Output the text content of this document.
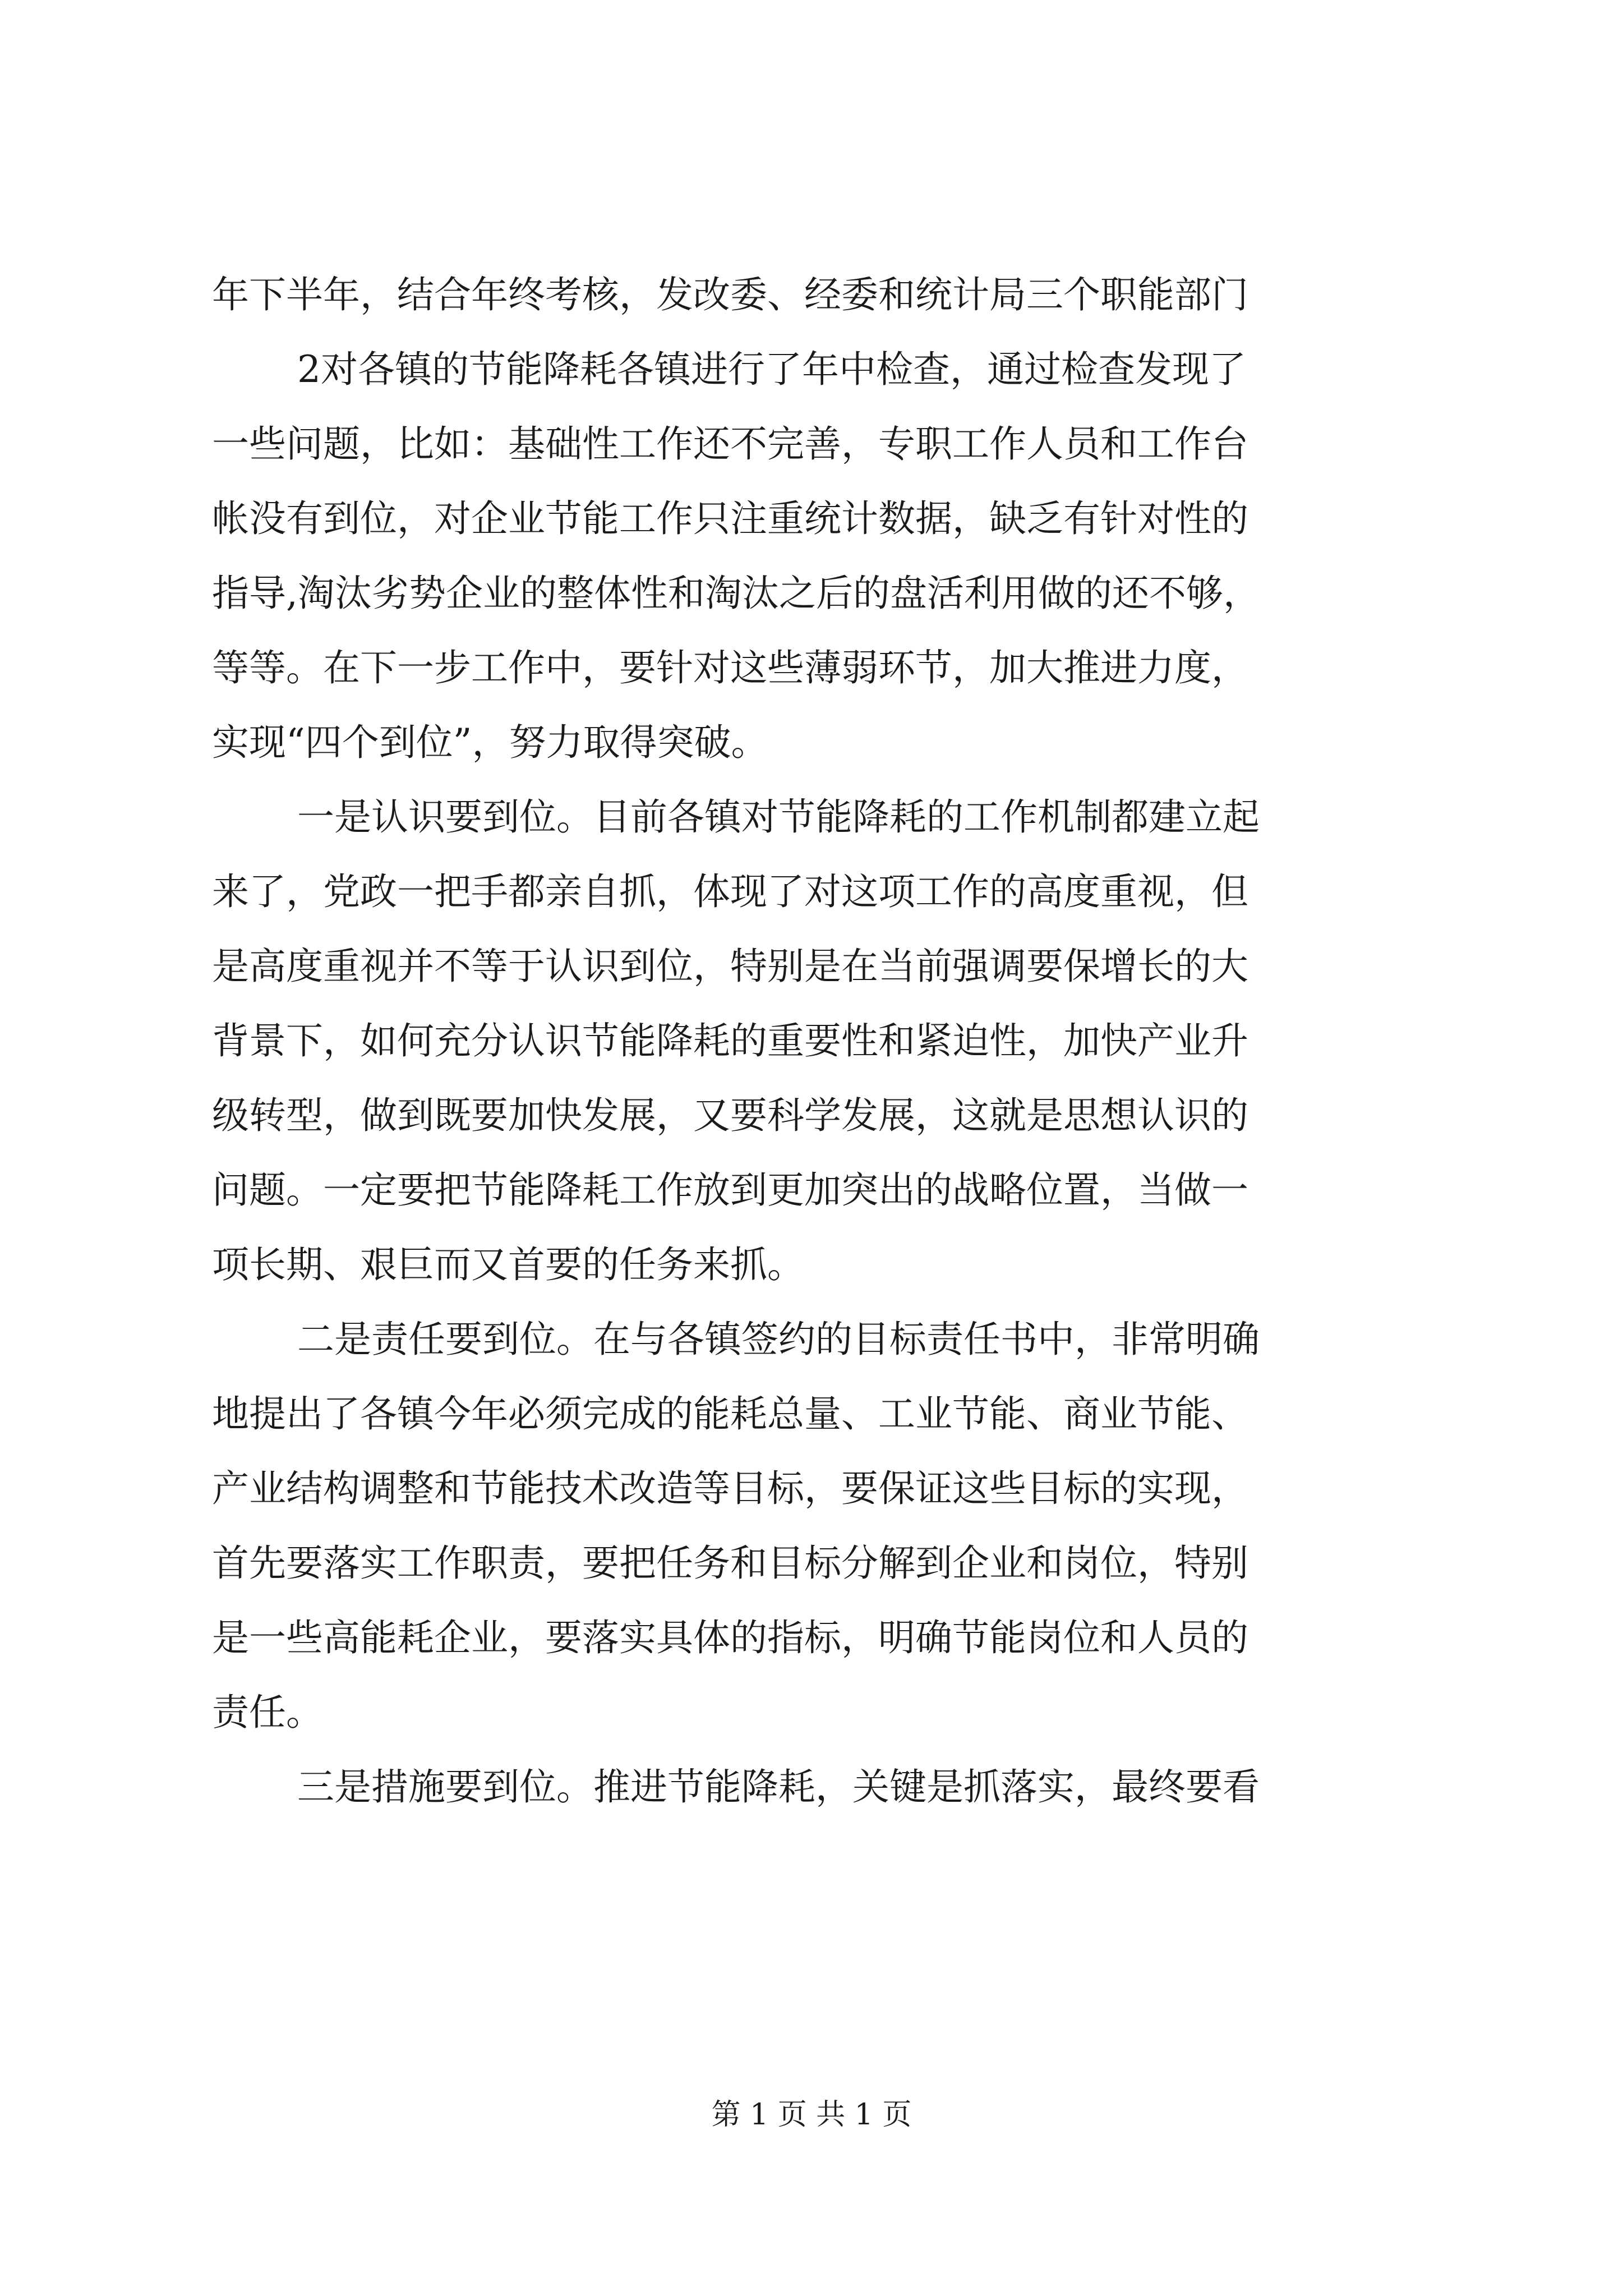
年下半年，结合年终考核，发改委、经委和统计局三个职能部门
2对各镇的节能降耗各镇进行了年中检查，通过检查发现了
一些问题，比如：基础性工作还不完善，专职工作人员和工作台
帐没有到位，对企业节能工作只注重统计数据，缺乏有针对性的
指导,淘汰劣势企业的整体性和淘汰之后的盘活利用做的还不够，
等等。在下一步工作中，要针对这些薄弱环节，加大推进力度，
实现“四个到位”，努力取得突破。
一是认识要到位。目前各镇对节能降耗的工作机制都建立起
来了，党政一把手都亲自抓，体现了对这项工作的高度重视，但
是高度重视并不等于认识到位，特别是在当前强调要保增长的大
背景下，如何充分认识节能降耗的重要性和紧迫性，加快产业升
级转型，做到既要加快发展，又要科学发展，这就是思想认识的
问题。一定要把节能降耗工作放到更加突出的战略位置，当做一
项长期、艰巨而又首要的任务来抓。
二是责任要到位。在与各镇签约的目标责任书中，非常明确
地提出了各镇今年必须完成的能耗总量、工业节能、商业节能、
产业结构调整和节能技术改造等目标，要保证这些目标的实现，
首先要落实工作职责，要把任务和目标分解到企业和岗位，特别
是一些高能耗企业，要落实具体的指标，明确节能岗位和人员的
责任。
三是措施要到位。推进节能降耗，关键是抓落实，最终要看
第 1 页 共 1 页
